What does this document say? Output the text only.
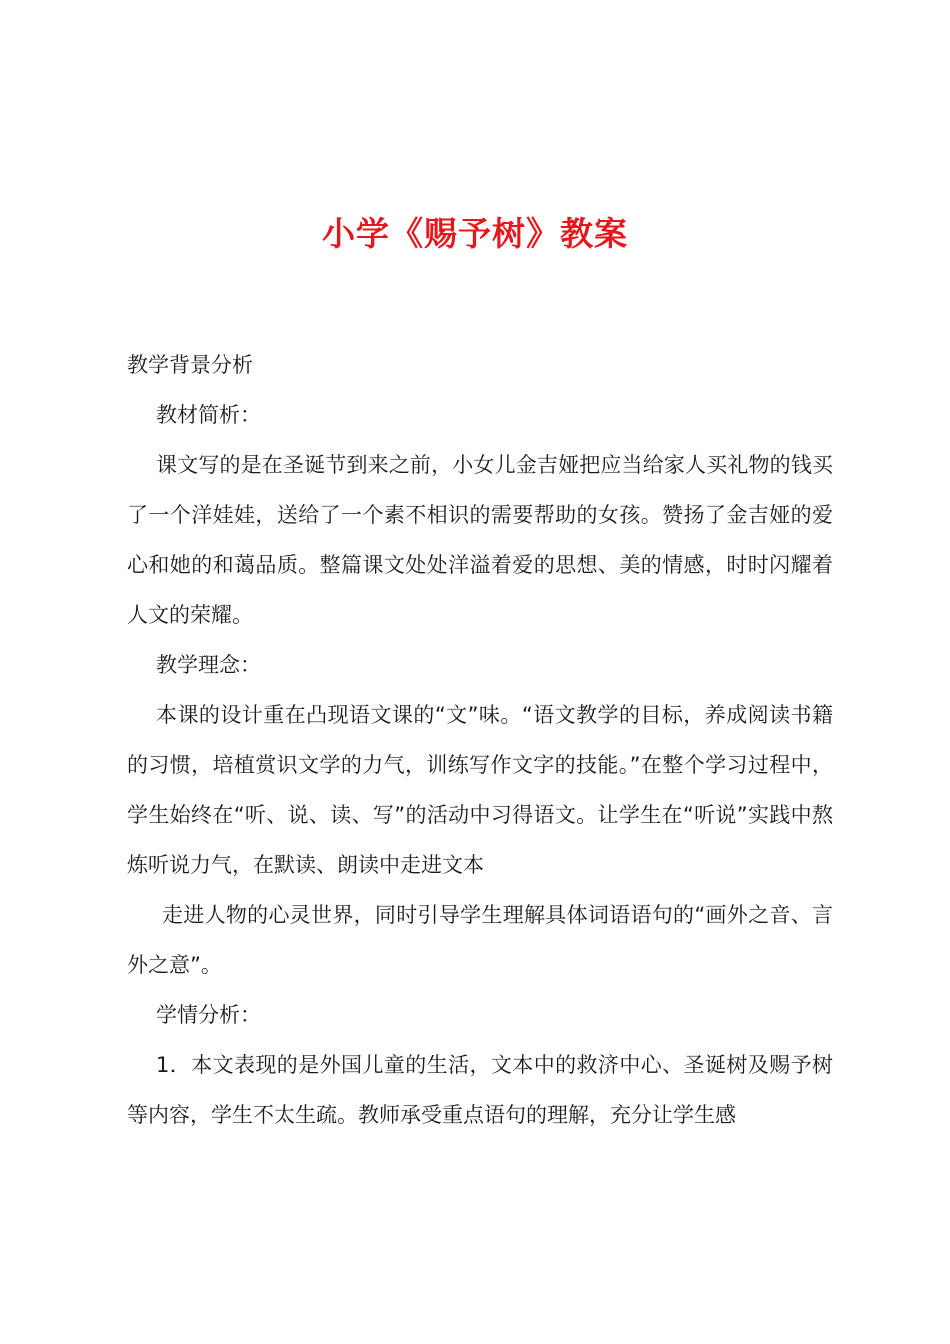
小学《赐予树》教案

教学背景分析

教材简析：

课文写的是在圣诞节到来之前，小女儿金吉娅把应当给家人买礼物的钱买了一个洋娃娃，送给了一个素不相识的需要帮助的女孩。赞扬了金吉娅的爱心和她的和蔼品质。整篇课文处处洋溢着爱的思想、美的情感，时时闪耀着人文的荣耀。

教学理念：

本课的设计重在凸现语文课的“文”味。“语文教学的目标，养成阅读书籍的习惯，培植赏识文学的力气，训练写作文字的技能。”在整个学习过程中，学生始终在“听、说、读、写”的活动中习得语文。让学生在“听说”实践中熬炼听说力气，在默读、朗读中走进文本

走进人物的心灵世界，同时引导学生理解具体词语语句的“画外之音、言外之意”。

学情分析：

1．本文表现的是外国儿童的生活，文本中的救济中心、圣诞树及赐予树等内容，学生不太生疏。教师承受重点语句的理解，充分让学生感
